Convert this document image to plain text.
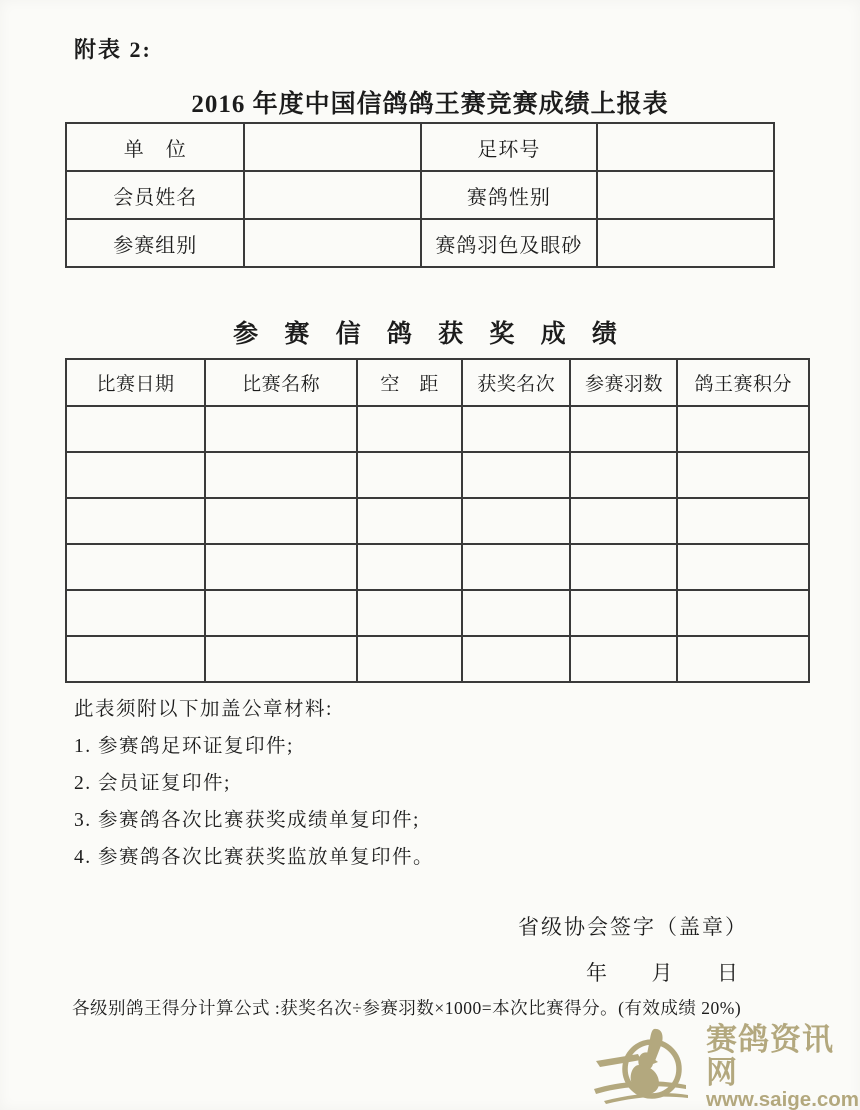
附表 2:
2016 年度中国信鸽鸽王赛竞赛成绩上报表
单　位		足环号	
会员姓名		赛鸽性别	
参赛组别		赛鸽羽色及眼砂	
参 赛 信 鸽 获 奖 成 绩
比赛日期	比赛名称	空　距	获奖名次	参赛羽数	鸽王赛积分

此表须附以下加盖公章材料:
1. 参赛鸽足环证复印件;
2. 会员证复印件;
3. 参赛鸽各次比赛获奖成绩单复印件;
4. 参赛鸽各次比赛获奖监放单复印件。
省级协会签字（盖章）
年 月 日
各级别鸽王得分计算公式 :获奖名次÷参赛羽数×1000=本次比赛得分。(有效成绩 20%)
赛鸽资讯网
www.saige.com
